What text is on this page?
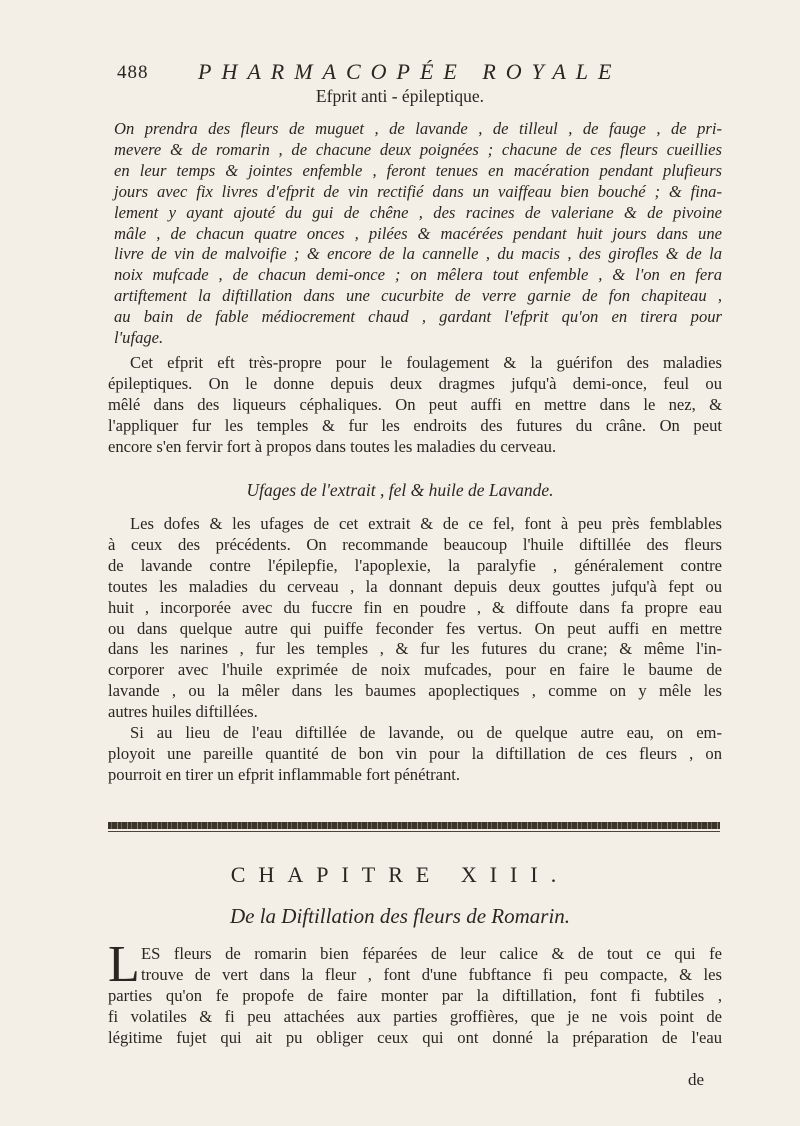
488 PHARMACOPÉE ROYALE
Efprit anti - épileptique.
On prendra des fleurs de muguet , de lavande , de tilleul , de fauge , de pri-
mevere & de romarin , de chacune deux poignées ; chacune de ces fleurs cueillies
en leur temps & jointes enfemble , feront tenues en macération pendant plufieurs
jours avec fix livres d'efprit de vin rectifié dans un vaiffeau bien bouché ; & fina-
lement y ayant ajouté du gui de chêne , des racines de valeriane & de pivoine
mâle , de chacun quatre onces , pilées & macérées pendant huit jours dans une
livre de vin de malvoifie ; & encore de la cannelle , du macis , des girofles & de la
noix mufcade , de chacun demi-once ; on mêlera tout enfemble , & l'on en fera
artiftement la diftillation dans une cucurbite de verre garnie de fon chapiteau ,
au bain de fable médiocrement chaud , gardant l'efprit qu'on en tirera pour
l'ufage.
Cet efprit eft très-propre pour le foulagement & la guérifon des maladies
épileptiques. On le donne depuis deux dragmes jufqu'à demi-once, feul ou
mêlé dans des liqueurs céphaliques. On peut auffi en mettre dans le nez, &
l'appliquer fur les temples & fur les endroits des futures du crâne. On peut
encore s'en fervir fort à propos dans toutes les maladies du cerveau.
Ufages de l'extrait , fel & huile de Lavande.
Les dofes & les ufages de cet extrait & de ce fel, font à peu près femblables
à ceux des précédents. On recommande beaucoup l'huile diftillée des fleurs
de lavande contre l'épilepfie, l'apoplexie, la paralyfie , généralement contre
toutes les maladies du cerveau , la donnant depuis deux gouttes jufqu'à fept ou
huit , incorporée avec du fuccre fin en poudre , & diffoute dans fa propre eau
ou dans quelque autre qui puiffe feconder fes vertus. On peut auffi en mettre
dans les narines , fur les temples , & fur les futures du crane; & même l'in-
corporer avec l'huile exprimée de noix mufcades, pour en faire le baume de
lavande , ou la mêler dans les baumes apoplectiques , comme on y mêle les
autres huiles diftillées.
Si au lieu de l'eau diftillée de lavande, ou de quelque autre eau, on em-
ployoit une pareille quantité de bon vin pour la diftillation de ces fleurs , on
pourroit en tirer un efprit inflammable fort pénétrant.
CHAPITRE XIII.
De la Diftillation des fleurs de Romarin.
L ES fleurs de romarin bien féparées de leur calice & de tout ce qui fe
trouve de vert dans la fleur , font d'une fubftance fi peu compacte, & les
parties qu'on fe propofe de faire monter par la diftillation, font fi fubtiles ,
fi volatiles & fi peu attachées aux parties groffières, que je ne vois point de
légitime fujet qui ait pu obliger ceux qui ont donné la préparation de l'eau
de
